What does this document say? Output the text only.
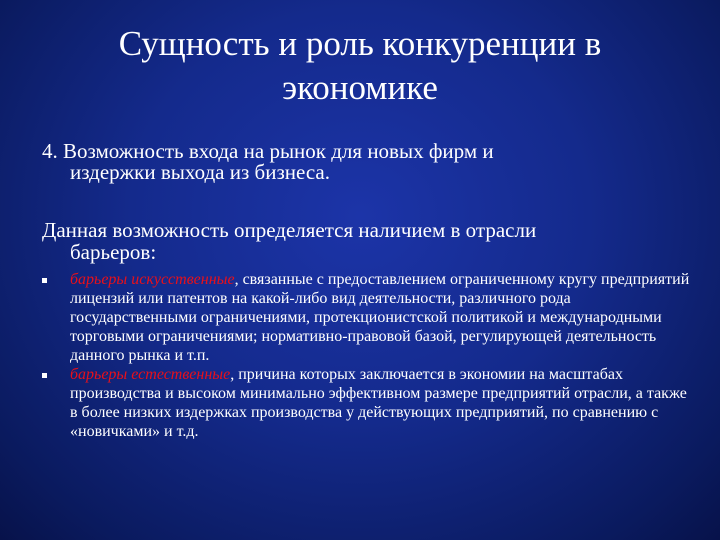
Сущность и роль конкуренции в экономике
4. Возможность входа на рынок для новых фирм и
издержки выхода из бизнеса.
Данная возможность определяется наличием в отрасли
барьеров:
барьеры искусственные, связанные с предоставлением ограниченному кругу предприятий лицензий или патентов на какой-либо вид деятельности, различного рода государственными ограничениями, протекционистской политикой и международными торговыми ограничениями; нормативно-правовой базой, регулирующей деятельность данного рынка и т.п.
барьеры естественные, причина которых заключается в экономии на масштабах производства и высоком минимально эффективном размере предприятий отрасли, а также в более низких издержках производства у действующих предприятий, по сравнению с «новичками» и т.д.
